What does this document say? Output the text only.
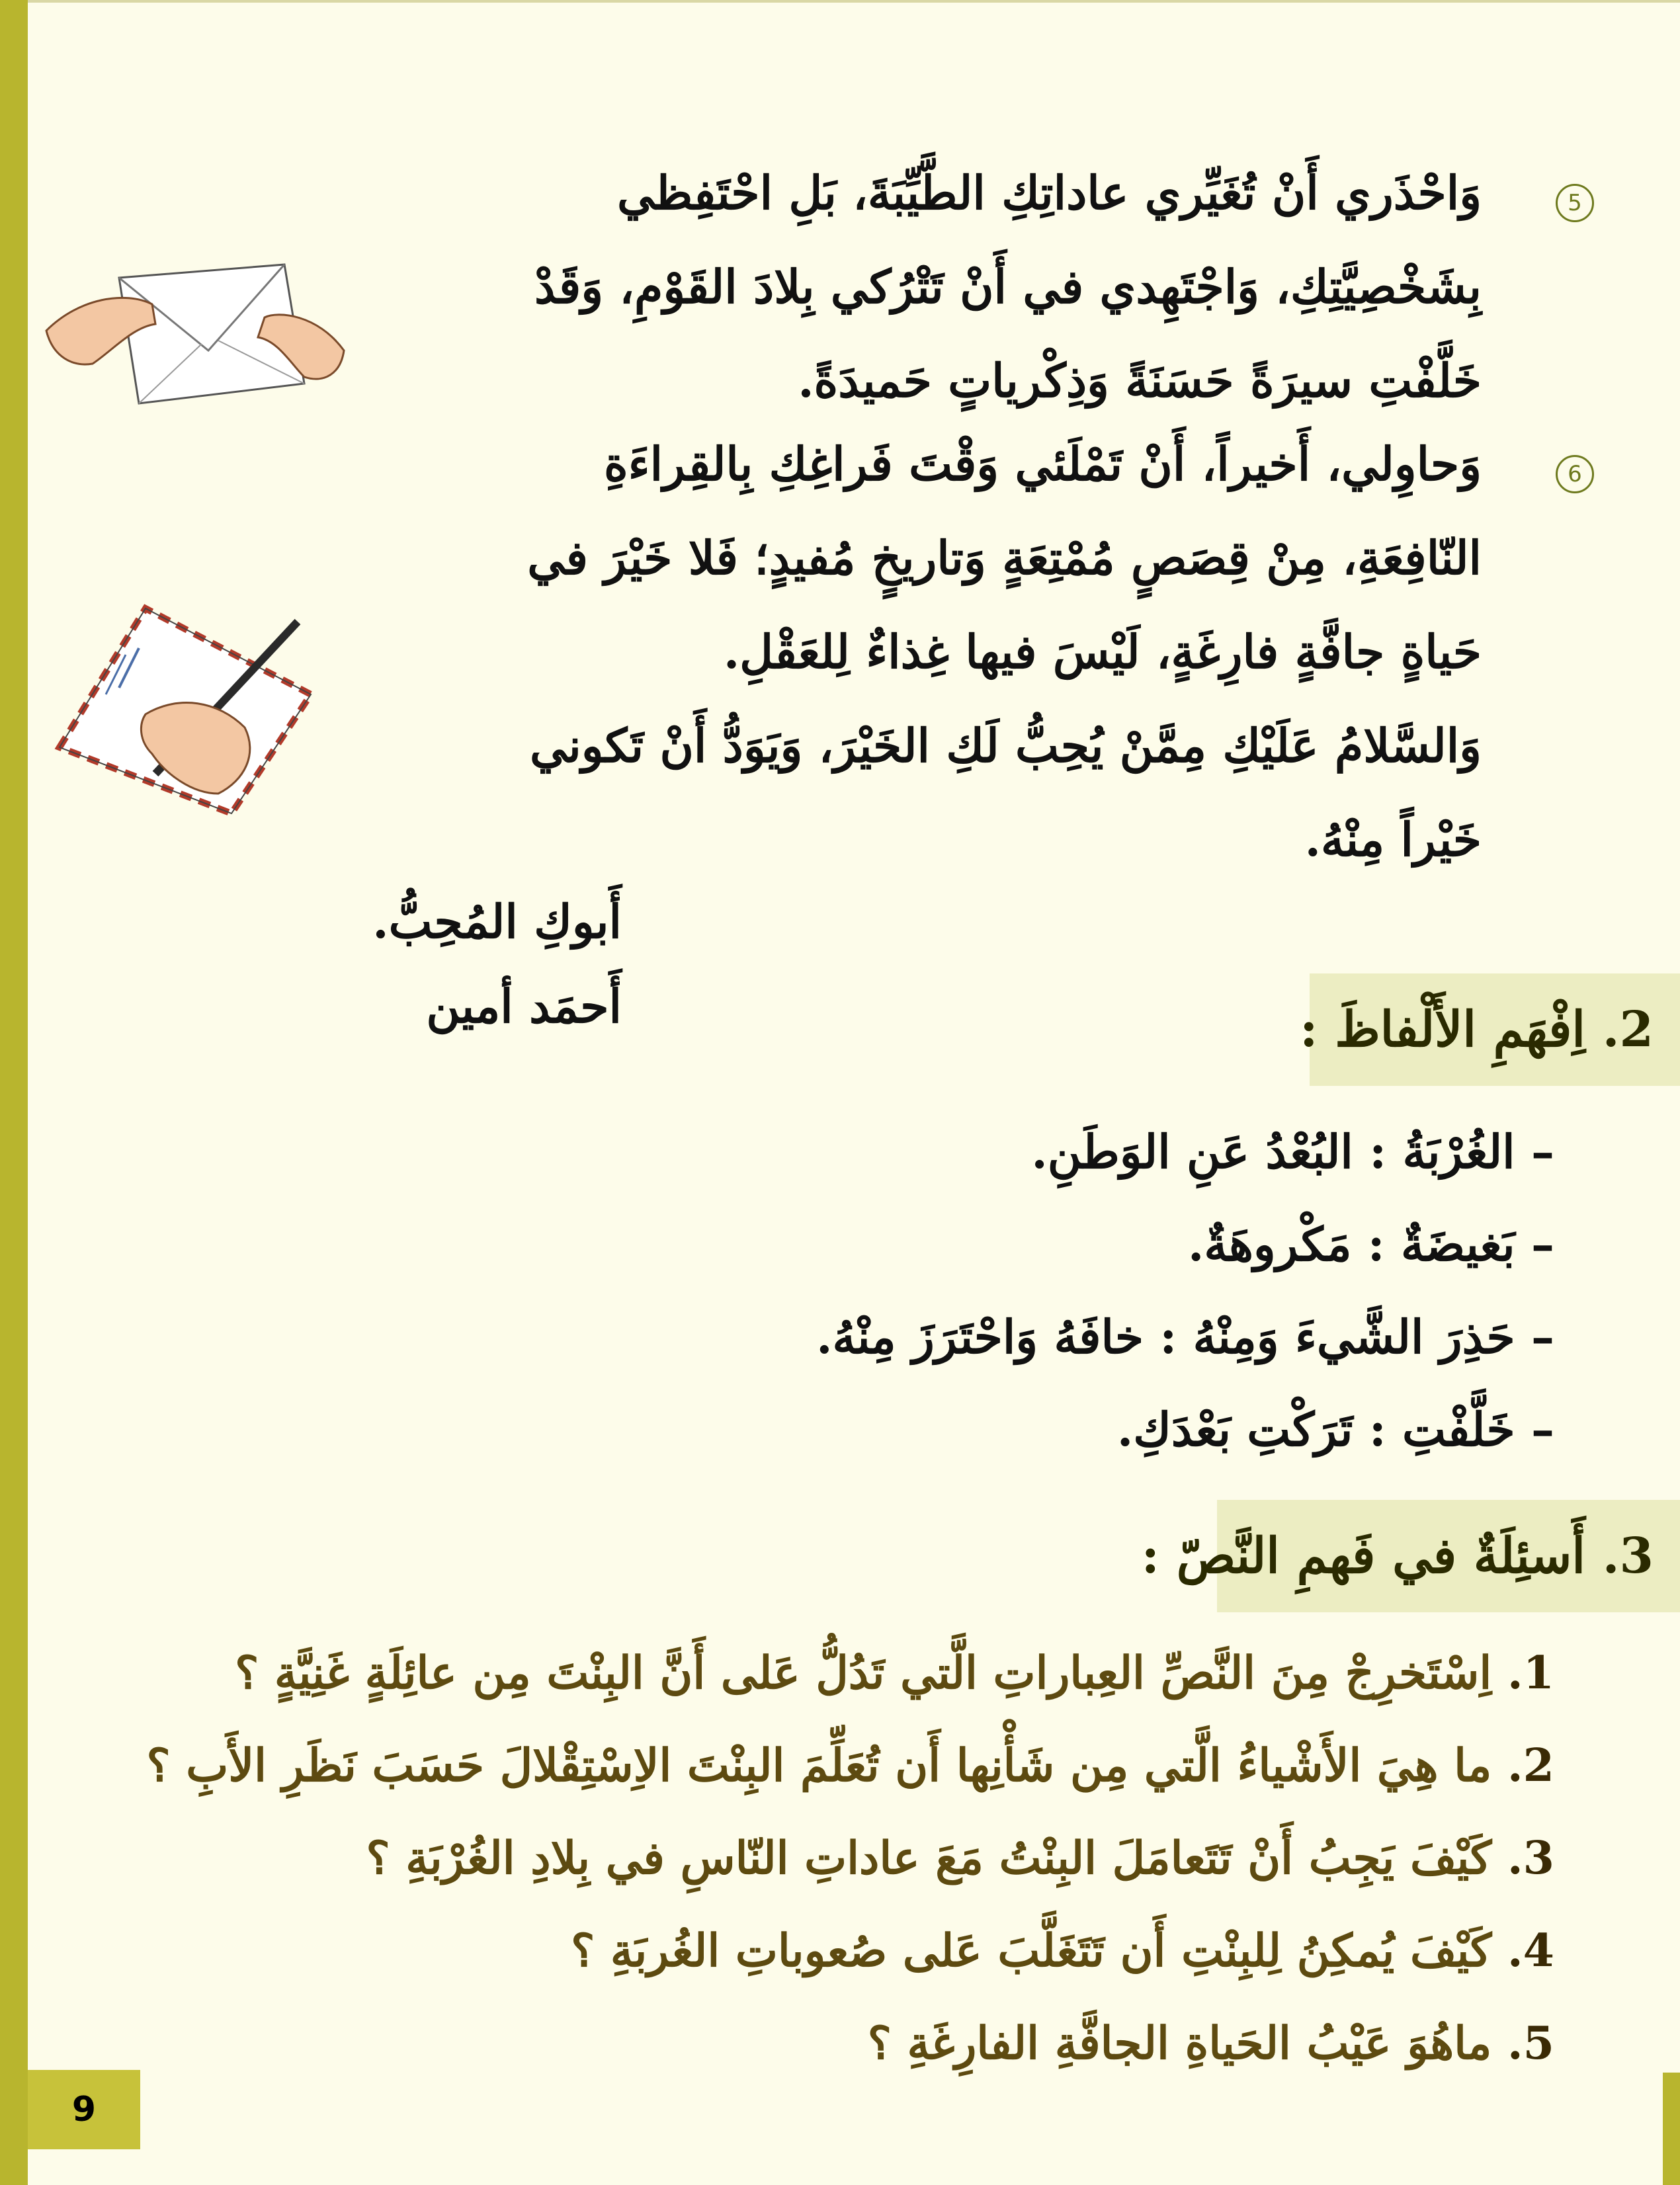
5
وَاحْذَري أَنْ تُغَيِّري عاداتِكِ الطَّيِّبَةَ، بَلِ احْتَفِظي
بِشَخْصِيَّتِكِ، وَاجْتَهِدي في أَنْ تَتْرُكي بِلادَ القَوْمِ، وَقَدْ
خَلَّفْتِ سيرَةً حَسَنَةً وَذِكْرياتٍ حَميدَةً.
6
وَحاوِلي، أَخيراً، أَنْ تَمْلَئي وَقْتَ فَراغِكِ بِالقِراءَةِ
النّافِعَةِ، مِنْ قِصَصٍ مُمْتِعَةٍ وَتاريخٍ مُفيدٍ؛ فَلا خَيْرَ في
حَياةٍ جافَّةٍ فارِغَةٍ، لَيْسَ فيها غِذاءٌ لِلعَقْلِ.
وَالسَّلامُ عَلَيْكِ مِمَّنْ يُحِبُّ لَكِ الخَيْرَ، وَيَوَدُّ أَنْ تَكوني
خَيْراً مِنْهُ.
أَبوكِ المُحِبُّ.
أَحمَد أمين	2. اِفْهَمِ الأَلْفاظَ :
– الغُرْبَةُ : البُعْدُ عَنِ الوَطَنِ.
– بَغيضَةٌ : مَكْروهَةٌ.
– حَذِرَ الشَّيءَ وَمِنْهُ : خافَهُ وَاحْتَرَزَ مِنْهُ.
– خَلَّفْتِ : تَرَكْتِ بَعْدَكِ.
3. أَسئِلَةٌ في فَهمِ النَّصّ :
1. اِسْتَخرِجْ مِنَ النَّصِّ العِباراتِ الَّتي تَدُلُّ عَلى أَنَّ البِنْتَ مِن عائِلَةٍ غَنِيَّةٍ ؟
2. ما هِيَ الأَشْياءُ الَّتي مِن شَأْنِها أَن تُعَلِّمَ البِنْتَ الاِسْتِقْلالَ حَسَبَ نَظَرِ الأَبِ ؟
3. كَيْفَ يَجِبُ أَنْ تَتَعامَلَ البِنْتُ مَعَ عاداتِ النّاسِ في بِلادِ الغُرْبَةِ ؟
4. كَيْفَ يُمكِنُ لِلبِنْتِ أَن تَتَغَلَّبَ عَلى صُعوباتِ الغُربَةِ ؟
5. ماهُوَ عَيْبُ الحَياةِ الجافَّةِ الفارِغَةِ ؟
9
